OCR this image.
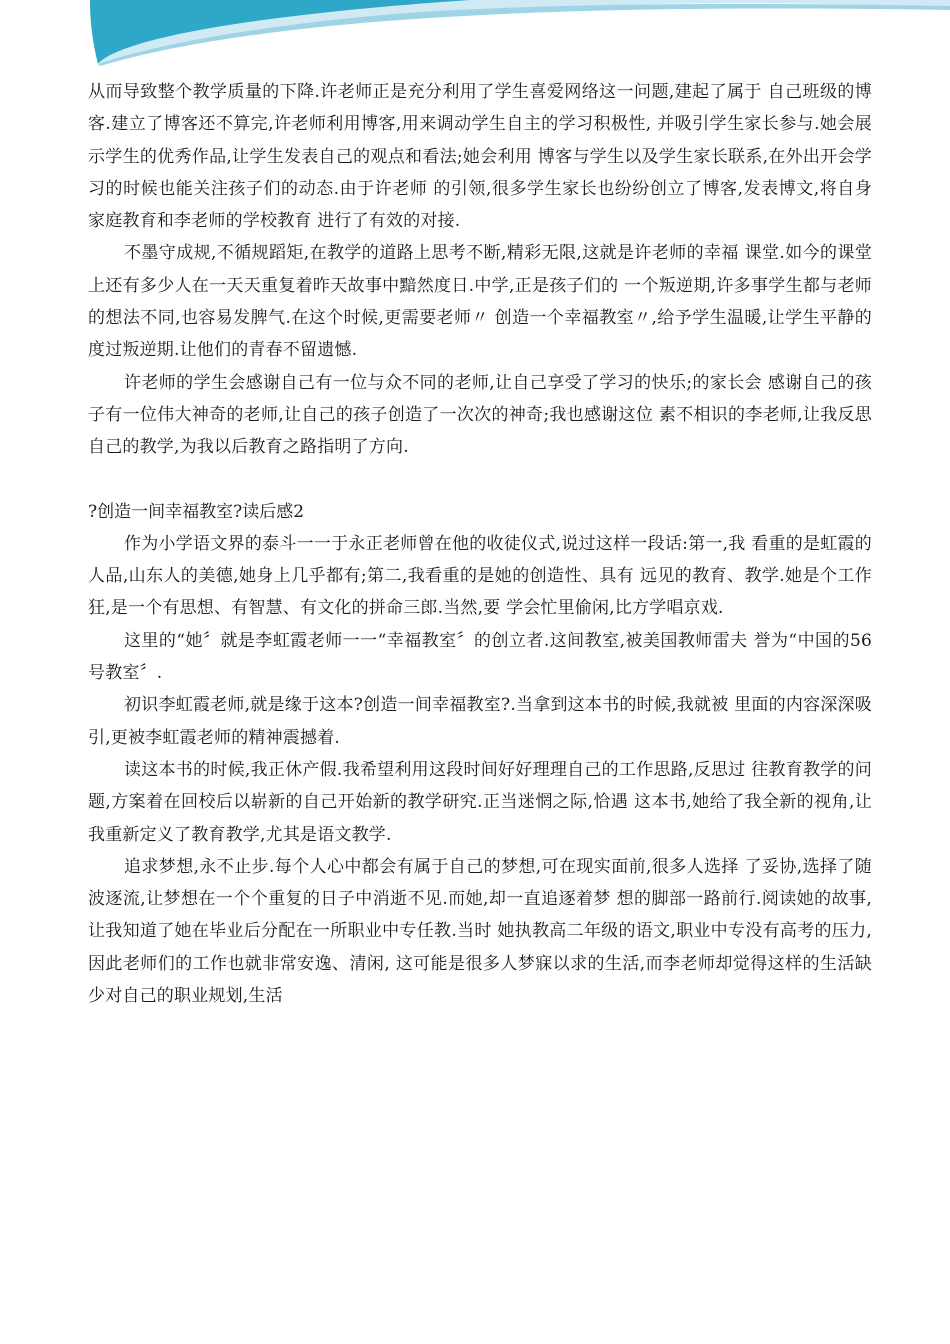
从而导致整个教学质量的下降.许老师正是充分利用了学生喜爱网络这一问题,建起了属于 自己班级的博客.建立了博客还不算完,许老师利用博客,用来调动学生自主的学习积极性, 并吸引学生家长参与.她会展示学生的优秀作品,让学生发表自己的观点和看法;她会利用 博客与学生以及学生家长联系,在外出开会学习的时候也能关注孩子们的动态.由于许老师 的引领,很多学生家长也纷纷创立了博客,发表博文,将自身家庭教育和李老师的学校教育 进行了有效的对接.

不墨守成规,不循规蹈矩,在教学的道路上思考不断,精彩无限,这就是许老师的幸福 课堂.如今的课堂上还有多少人在一天天重复着昨天故事中黯然度日.中学,正是孩子们的 一个叛逆期,许多事学生都与老师的想法不同,也容易发脾气.在这个时候,更需要老师〃 创造一个幸福教室〃,给予学生温暖,让学生平静的度过叛逆期.让他们的青春不留遗憾.

许老师的学生会感谢自己有一位与众不同的老师,让自己享受了学习的快乐;的家长会 感谢自己的孩子有一位伟大神奇的老师,让自己的孩子创造了一次次的神奇;我也感谢这位 素不相识的李老师,让我反思自己的教学,为我以后教育之路指明了方向.

?创造一间幸福教室?读后感2

作为小学语文界的泰斗一一于永正老师曾在他的收徒仪式,说过这样一段话:第一,我 看重的是虹霞的人品,山东人的美德,她身上几乎都有;第二,我看重的是她的创造性、具有 远见的教育、教学.她是个工作狂,是一个有思想、有智慧、有文化的拼命三郎.当然,要 学会忙里偷闲,比方学唱京戏.

这里的“她〞就是李虹霞老师一一“幸福教室〞的创立者.这间教室,被美国教师雷夫 誉为“中国的56号教室〞.

初识李虹霞老师,就是缘于这本?创造一间幸福教室?.当拿到这本书的时候,我就被 里面的内容深深吸引,更被李虹霞老师的精神震撼着.

读这本书的时候,我正休产假.我希望利用这段时间好好理理自己的工作思路,反思过 往教育教学的问题,方案着在回校后以崭新的自己开始新的教学研究.正当迷惘之际,恰遇 这本书,她给了我全新的视角,让我重新定义了教育教学,尤其是语文教学.

追求梦想,永不止步.每个人心中都会有属于自己的梦想,可在现实面前,很多人选择 了妥协,选择了随波逐流,让梦想在一个个重复的日子中消逝不见.而她,却一直追逐着梦 想的脚部一路前行.阅读她的故事,让我知道了她在毕业后分配在一所职业中专任教.当时 她执教高二年级的语文,职业中专没有高考的压力,因此老师们的工作也就非常安逸、清闲, 这可能是很多人梦寐以求的生活,而李老师却觉得这样的生活缺少对自己的职业规划,生活
